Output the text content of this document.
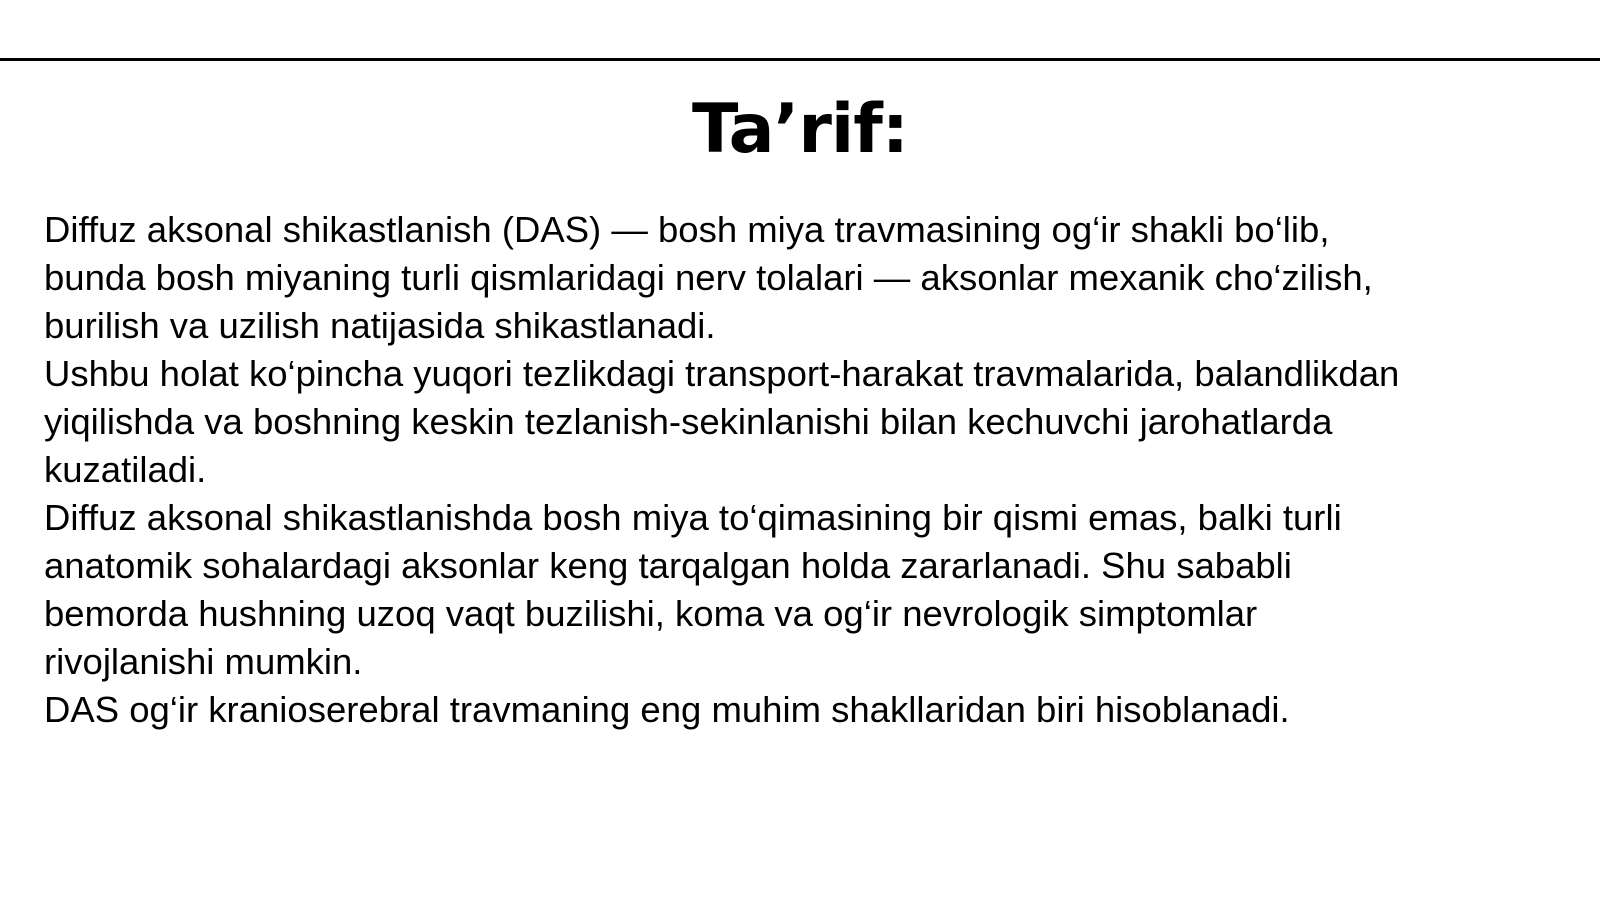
Ta’rif:

Diffuz aksonal shikastlanish (DAS) — bosh miya travmasining og‘ir shakli bo‘lib,
bunda bosh miyaning turli qismlaridagi nerv tolalari — aksonlar mexanik cho‘zilish,
burilish va uzilish natijasida shikastlanadi.

Ushbu holat ko‘pincha yuqori tezlikdagi transport-harakat travmalarida, balandlikdan
yiqilishda va boshning keskin tezlanish-sekinlanishi bilan kechuvchi jarohatlarda
kuzatiladi.

Diffuz aksonal shikastlanishda bosh miya to‘qimasining bir qismi emas, balki turli
anatomik sohalardagi aksonlar keng tarqalgan holda zararlanadi. Shu sababli
bemorda hushning uzoq vaqt buzilishi, koma va og‘ir nevrologik simptomlar
rivojlanishi mumkin.

DAS og‘ir kranioserebral travmaning eng muhim shakllaridan biri hisoblanadi.
